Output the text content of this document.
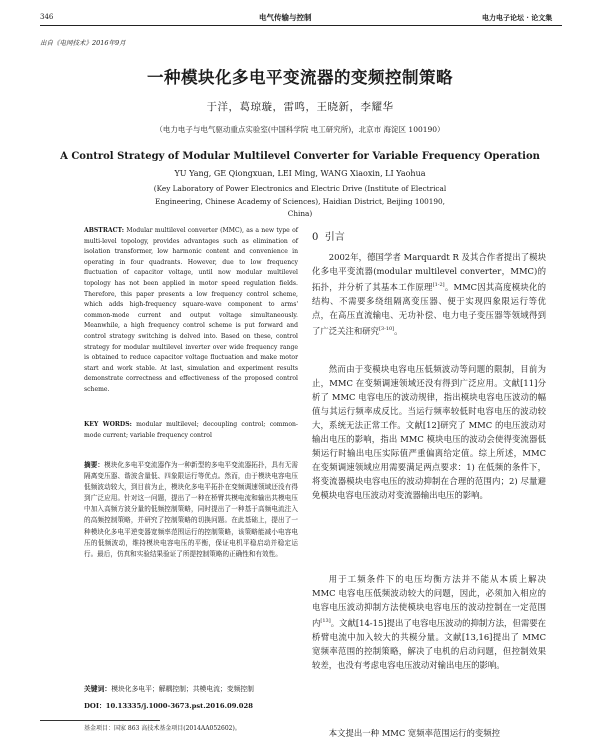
346	电气传输与控制	电力电子论坛 · 论文集
出自《电网技术》2016年9月
一种模块化多电平变流器的变频控制策略
于洋，葛琼璇，雷鸣，王晓新，李耀华
（电力电子与电气驱动重点实验室(中国科学院 电工研究所)，北京市 海淀区 100190）
A Control Strategy of Modular Multilevel Converter for Variable Frequency Operation
YU Yang, GE Qiongxuan, LEI Ming, WANG Xiaoxin, LI Yaohua
(Key Laboratory of Power Electronics and Electric Drive (Institute of Electrical Engineering, Chinese Academy of Sciences), Haidian District, Beijing 100190, China)
ABSTRACT: Modular multilevel converter (MMC), as a new type of multi-level topology, provides advantages such as elimination of isolation transformer, low harmonic content and convenience in operating in four quadrants. However, due to low frequency fluctuation of capacitor voltage, until now modular multilevel topology has not been applied in motor speed regulation fields. Therefore, this paper presents a low frequency control scheme, which adds high-frequency square-wave component to arms' common-mode current and output voltage simultaneously. Meanwhile, a high frequency control scheme is put forward and control strategy switching is delved into. Based on these, control strategy for modular multilevel inverter over wide frequency range is obtained to reduce capacitor voltage fluctuation and make motor start and work stable. At last, simulation and experiment results demonstrate correctness and effectiveness of the proposed control scheme.
KEY WORDS: modular multilevel; decoupling control; common-mode current; variable frequency control
摘要：模块化多电平变流器作为一种新型的多电平变流器拓扑，具有无需隔离变压器、谐波含量低、四象限运行等优点。然而，由于模块电容电压低频波动较大，到目前为止，模块化多电平拓扑在变频调速领域还没有得到广泛应用。针对这一问题，提出了一种在桥臂共模电流和输出共模电压中加入高频方波分量的低频控制策略，同时提出了一种基于高频电流注入的高频控制策略，并研究了控制策略的切换问题。在此基础上，提出了一种模块化多电平逆变器宽频率范围运行的控制策略，该策略能减小电容电压的低频波动，维持模块电容电压的平衡，保证电机平稳启动并稳定运行。最后，仿真和实验结果验证了所提控制策略的正确性和有效性。
关键词：模块化多电平；解耦控制；共模电流；变频控制
DOI：10.13335/j.1000-3673.pst.2016.09.028
0 引言
2002年，德国学者 Marquardt R 及其合作者提出了模块化多电平变流器(modular multilevel converter，MMC)的拓扑，并分析了其基本工作原理[1-2]。MMC因其高度模块化的结构、不需要多绕组隔离变压器、便于实现四象限运行等优点，在高压直流输电、无功补偿、电力电子变压器等领域得到了广泛关注和研究[3-10]。
然而由于变模块电容电压低频波动等问题的限制，目前为止，MMC 在变频调速领域还没有得到广泛应用。文献[11]分析了 MMC 电容电压的波动规律，指出模块电容电压波动的幅值与其运行频率成反比。当运行频率较低时电容电压的波动较大，系统无法正常工作。文献[12]研究了 MMC 的电压波动对输出电压的影响，指出 MMC 模块电压的波动会使得变流器低频运行时输出电压实际值严重偏离给定值。综上所述，MMC 在变频调速领域应用需要满足两点要求：1) 在低频的条件下，将变流器模块电容电压的波动抑制在合理的范围内；2) 尽量避免模块电容电压波动对变流器输出电压的影响。
用于工频条件下的电压均衡方法并不能从本质上解决 MMC 电容电压低频波动较大的问题，因此，必须加入相应的电容电压波动抑制方法使模块电容电压的波动控制在一定范围内[13]。文献[14-15]提出了电容电压波动的抑制方法，但需要在桥臂电流中加入较大的共模分量。文献[13,16]提出了 MMC 宽频率范围的控制策略，解决了电机的启动问题，但控制效果较差，也没有考虑电容电压波动对输出电压的影响。
本文提出一种 MMC 宽频率范围运行的变频控
基金项目：国家 863 高技术基金项目(2014AA052602)。
